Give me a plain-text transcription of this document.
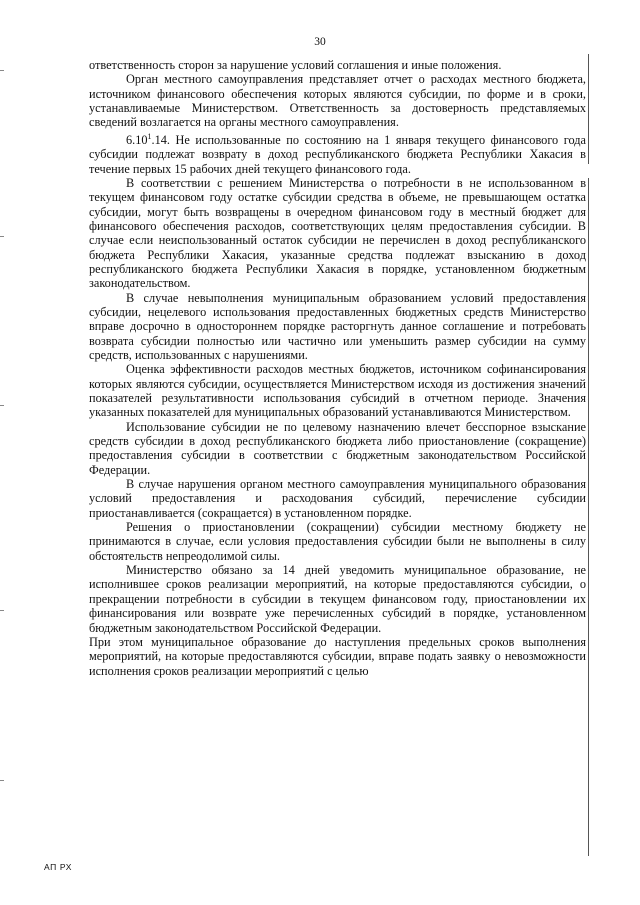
30

ответственность сторон за нарушение условий соглашения и иные положения.

Орган местного самоуправления представляет отчет о расходах местного бюджета, источником финансового обеспечения которых являются субсидии, по форме и в сроки, устанавливаемые Министерством. Ответственность за достоверность представляемых сведений возлагается на органы местного самоуправления.

6.10$^1$.14. Не использованные по состоянию на 1 января текущего финансового года субсидии подлежат возврату в доход республиканского бюджета Республики Хакасия в течение первых 15 рабочих дней текущего финансового года.

В соответствии с решением Министерства о потребности в не использованном в текущем финансовом году остатке субсидии средства в объеме, не превышающем остатка субсидии, могут быть возвращены в очередном финансовом году в местный бюджет для финансового обеспечения расходов, соответствующих целям предоставления субсидии. В случае если неиспользованный остаток субсидии не перечислен в доход республиканского бюджета Республики Хакасия, указанные средства подлежат взысканию в доход республиканского бюджета Республики Хакасия в порядке, установленном бюджетным законодательством.

В случае невыполнения муниципальным образованием условий предоставления субсидии, нецелевого использования предоставленных бюджетных средств Министерство вправе досрочно в одностороннем порядке расторгнуть данное соглашение и потребовать возврата субсидии полностью или частично или уменьшить размер субсидии на сумму средств, использованных с нарушениями.

Оценка эффективности расходов местных бюджетов, источником софинансирования которых являются субсидии, осуществляется Министерством исходя из достижения значений показателей результативности использования субсидий в отчетном периоде. Значения указанных показателей для муниципальных образований устанавливаются Министерством.

Использование субсидии не по целевому назначению влечет бесспорное взыскание средств субсидии в доход республиканского бюджета либо приостановление (сокращение) предоставления субсидии в соответствии с бюджетным законодательством Российской Федерации.

В случае нарушения органом местного самоуправления муниципального образования условий предоставления и расходования субсидий, перечисление субсидии приостанавливается (сокращается) в установленном порядке.

Решения о приостановлении (сокращении) субсидии местному бюджету не принимаются в случае, если условия предоставления субсидии были не выполнены в силу обстоятельств непреодолимой силы.

Министерство обязано за 14 дней уведомить муниципальное образование, не исполнившее сроков реализации мероприятий, на которые предоставляются субсидии, о прекращении потребности в субсидии в текущем финансовом году, приостановлении их финансирования или возврате уже перечисленных субсидий в порядке, установленном бюджетным законодательством Российской Федерации.

При этом муниципальное образование до наступления предельных сроков выполнения мероприятий, на которые предоставляются субсидии, вправе подать заявку о невозможности исполнения сроков реализации мероприятий с целью

АП РХ
